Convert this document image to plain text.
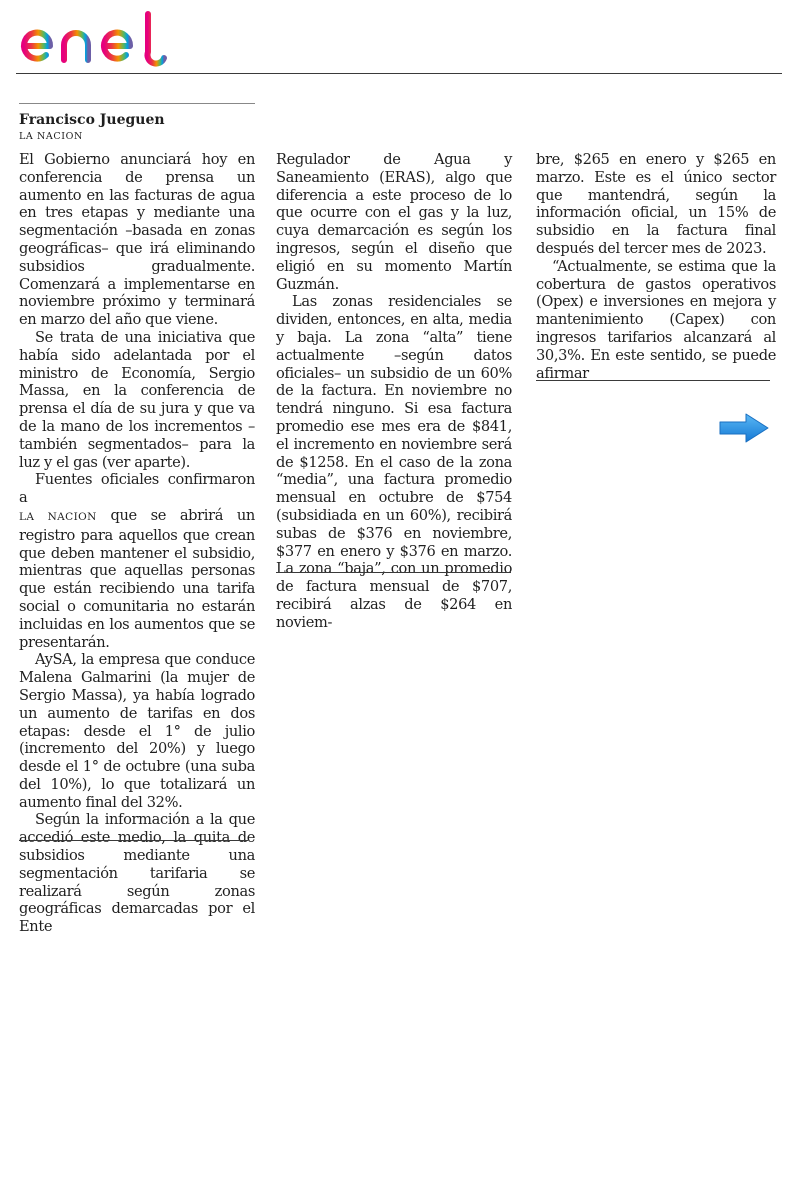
Francisco Jueguen
LA NACION

El Gobierno anunciará hoy en conferencia de prensa un aumento en las facturas de agua en tres etapas y mediante una segmentación –basada en zonas geográficas– que irá eliminando subsidios gradualmente. Comenzará a implementarse en noviembre próximo y terminará en marzo del año que viene.

Se trata de una iniciativa que había sido adelantada por el ministro de Economía, Sergio Massa, en la conferencia de prensa el día de su jura y que va de la mano de los incrementos –también segmentados– para la luz y el gas (ver aparte).

Fuentes oficiales confirmaron a
LA NACION que se abrirá un registro para aquellos que crean que deben mantener el subsidio, mientras que aquellas personas que están recibiendo una tarifa social o comunitaria no estarán incluidas en los aumentos que se presentarán.

AySA, la empresa que conduce Malena Galmarini (la mujer de Sergio Massa), ya había logrado un aumento de tarifas en dos etapas: desde el 1° de julio (incremento del 20%) y luego desde el 1° de octubre (una suba del 10%), lo que totalizará un aumento final del 32%.

Según la información a la que accedió este medio, la quita de subsidios mediante una segmentación tarifaria se realizará según zonas geográficas demarcadas por el Ente

Regulador de Agua y Saneamiento (ERAS), algo que diferencia a este proceso de lo que ocurre con el gas y la luz, cuya demarcación es según los ingresos, según el diseño que eligió en su momento Martín Guzmán.

Las zonas residenciales se dividen, entonces, en alta, media y baja. La zona “alta” tiene actualmente –según datos oficiales– un subsidio de un 60% de la factura. En noviembre no tendrá ninguno. Si esa factura promedio ese mes era de $841, el incremento en noviembre será de $1258. En el caso de la zona “media”, una factura promedio mensual en octubre de $754 (subsidiada en un 60%), recibirá subas de $376 en noviembre, $377 en enero y $376 en marzo. La zona “baja”, con un promedio de factura mensual de $707, recibirá alzas de $264 en noviem-

bre, $265 en enero y $265 en marzo. Este es el único sector que mantendrá, según la información oficial, un 15% de subsidio en la factura final después del tercer mes de 2023.

“Actualmente, se estima que la cobertura de gastos operativos (Opex) e inversiones en mejora y mantenimiento (Capex) con ingresos tarifarios alcanzará al 30,3%. En este sentido, se puede afirmar
